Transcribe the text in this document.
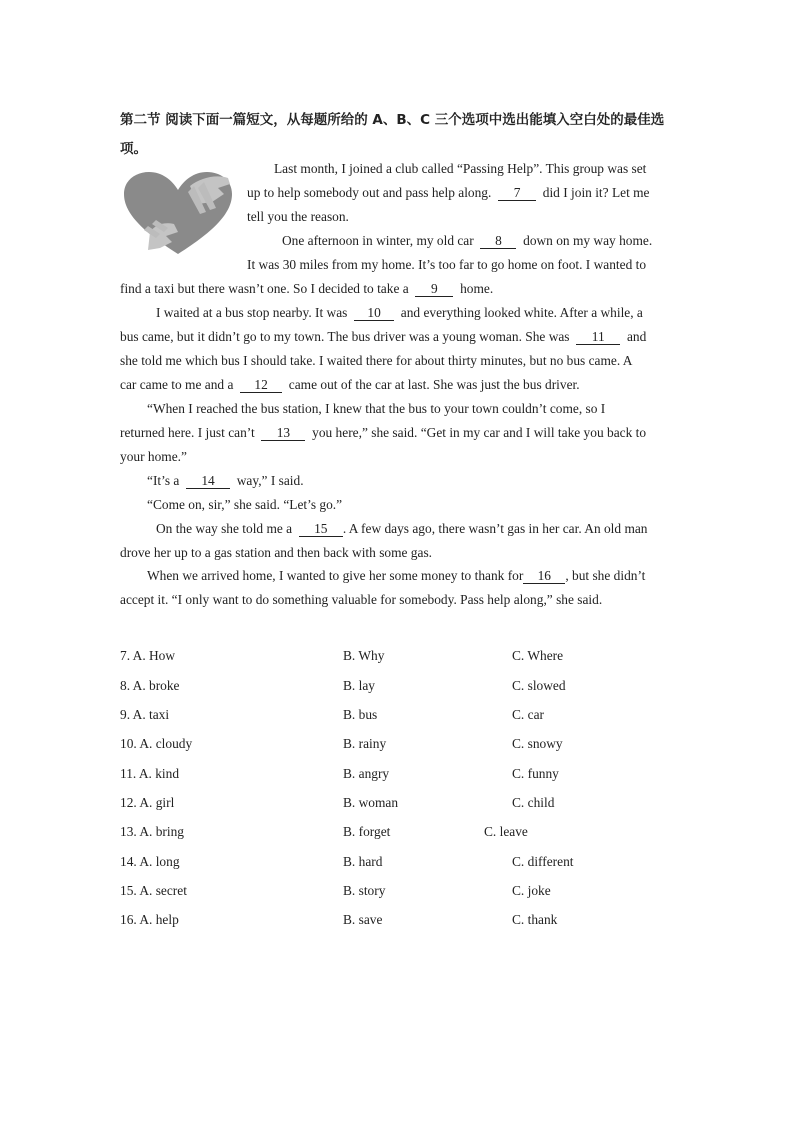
第二节 阅读下面一篇短文，从每题所给的 A、B、C 三个选项中选出能填入空白处的最佳选项。
Last month, I joined a club called “Passing Help”. This group was set
up to help somebody out and pass help along. 7 did I join it? Let me
tell you the reason.
One afternoon in winter, my old car 8 down on my way home.
It was 30 miles from my home. It’s too far to go home on foot. I wanted to
find a taxi but there wasn’t one. So I decided to take a 9 home.
I waited at a bus stop nearby. It was 10 and everything looked white. After a while, a
bus came, but it didn’t go to my town. The bus driver was a young woman. She was 11 and
she told me which bus I should take. I waited there for about thirty minutes, but no bus came. A
car came to me and a 12 came out of the car at last. She was just the bus driver.
“When I reached the bus station, I knew that the bus to your town couldn’t come, so I
returned here. I just can’t 13 you here,” she said. “Get in my car and I will take you back to
your home.”
“It’s a 14 way,” I said.
“Come on, sir,” she said. “Let’s go.”
On the way she told me a 15 . A few days ago, there wasn’t gas in her car. An old man
drove her up to a gas station and then back with some gas.
When we arrived home, I wanted to give her some money to thank for 16 , but she didn’t
accept it. “I only want to do something valuable for somebody. Pass help along,” she said.
7. A. How	B. Why	C. Where
8. A. broke	B. lay	C. slowed
9. A. taxi	B. bus	C. car
10. A. cloudy	B. rainy	C. snowy
11. A. kind	B. angry	C. funny
12. A. girl	B. woman	C. child
13. A. bring	B. forget	C. leave
14. A. long	B. hard	C. different
15. A. secret	B. story	C. joke
16. A. help	B. save	C. thank
